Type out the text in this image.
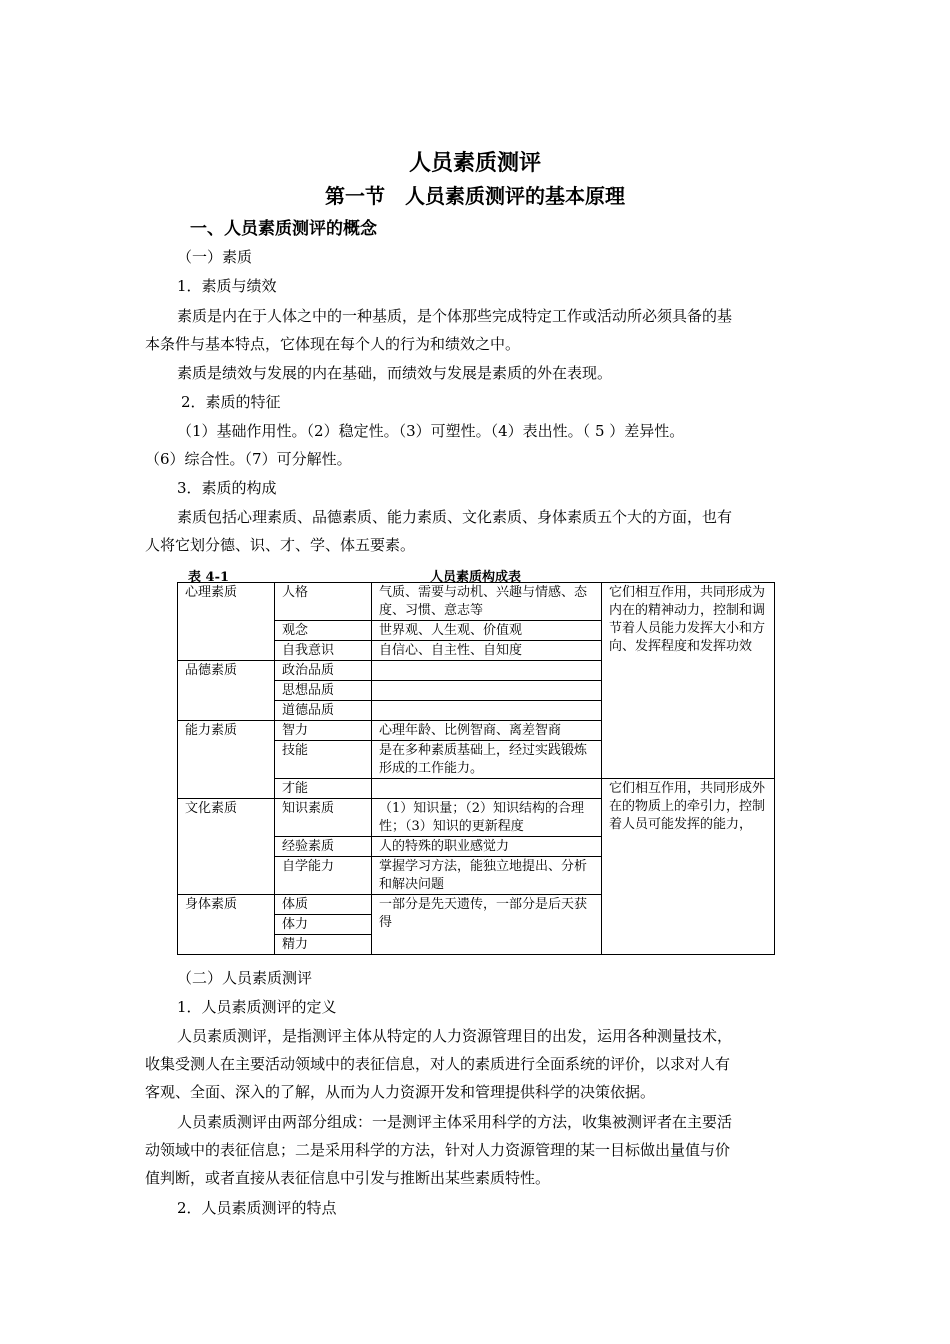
人员素质测评
第一节　人员素质测评的基本原理
一、人员素质测评的概念
（一）素质
1．素质与绩效
素质是内在于人体之中的一种基质，是个体那些完成特定工作或活动所必须具备的基
本条件与基本特点，它体现在每个人的行为和绩效之中。
素质是绩效与发展的内在基础，而绩效与发展是素质的外在表现。
2．素质的特征
（1）基础作用性。（2）稳定性。（3）可塑性。（4）表出性。（ 5 ）差异性。
（6）综合性。（7）可分解性。
3．素质的构成
素质包括心理素质、品德素质、能力素质、文化素质、身体素质五个大的方面，也有
人将它划分德、识、才、学、体五要素。
表 4-1	人员素质构成表
心理素质	人格	气质、需要与动机、兴趣与情感、态度、习惯、意志等	它们相互作用，共同形成为内在的精神动力，控制和调节着人员能力发挥大小和方向、发挥程度和发挥功效
	观念	世界观、人生观、价值观	
	自我意识	自信心、自主性、自知度	
品德素质	政治品质		
	思想品质		
	道德品质		
能力素质	智力	心理年龄、比例智商、离差智商	
	技能	是在多种素质基础上，经过实践锻炼形成的工作能力。	
	才能		它们相互作用，共同形成外在的物质上的牵引力，控制着人员可能发挥的能力，
文化素质	知识素质	（1）知识量；（2）知识结构的合理性；（3）知识的更新程度	
	经验素质	人的特殊的职业感觉力	
	自学能力	掌握学习方法，能独立地提出、分析和解决问题	
身体素质	体质	一部分是先天遗传，一部分是后天获得	
	体力		
	精力		
（二）人员素质测评
1．人员素质测评的定义
人员素质测评，是指测评主体从特定的人力资源管理目的出发，运用各种测量技术，
收集受测人在主要活动领域中的表征信息，对人的素质进行全面系统的评价，以求对人有
客观、全面、深入的了解，从而为人力资源开发和管理提供科学的决策依据。
人员素质测评由两部分组成：一是测评主体采用科学的方法，收集被测评者在主要活
动领域中的表征信息；二是采用科学的方法，针对人力资源管理的某一目标做出量值与价
值判断，或者直接从表征信息中引发与推断出某些素质特性。
2．人员素质测评的特点
